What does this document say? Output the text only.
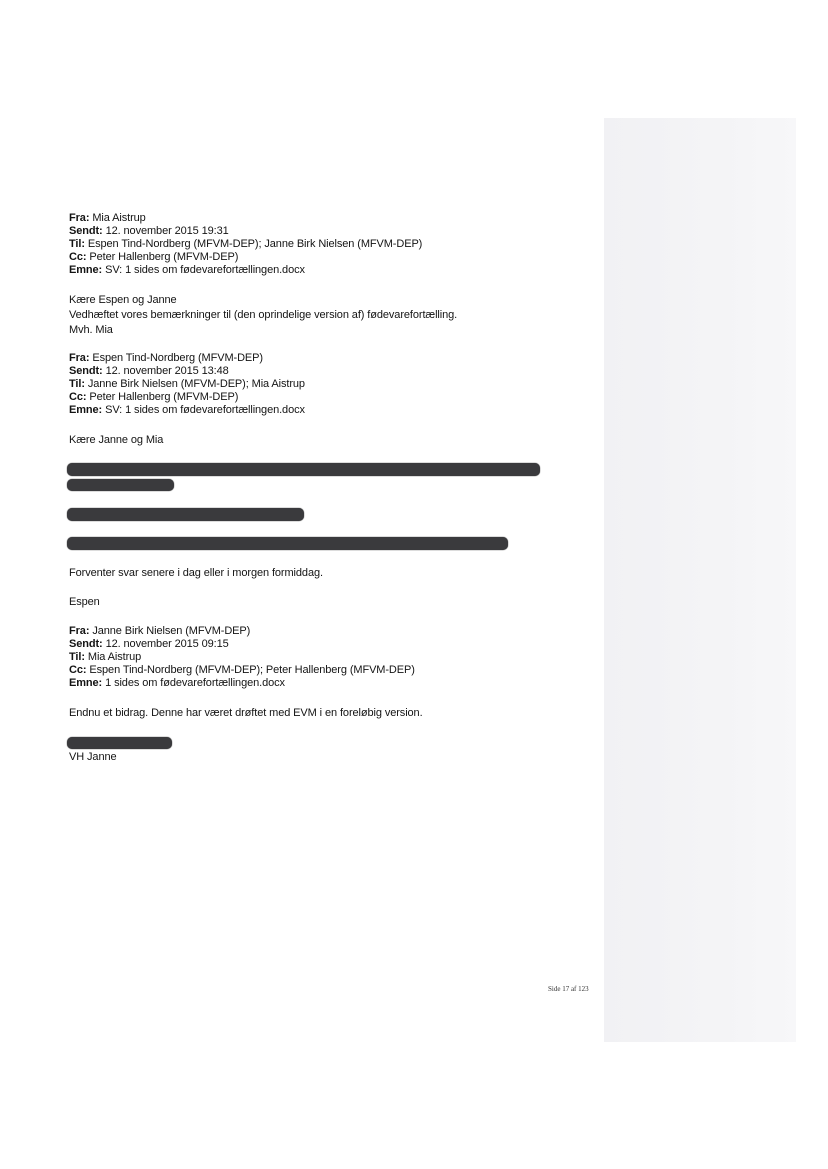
Fra: Mia Aistrup
Sendt: 12. november 2015 19:31
Til: Espen Tind-Nordberg (MFVM-DEP); Janne Birk Nielsen (MFVM-DEP)
Cc: Peter Hallenberg (MFVM-DEP)
Emne: SV: 1 sides om fødevarefortællingen.docx
Kære Espen og Janne
Vedhæftet vores bemærkninger til (den oprindelige version af) fødevarefortælling.
Mvh. Mia
Fra: Espen Tind-Nordberg (MFVM-DEP)
Sendt: 12. november 2015 13:48
Til: Janne Birk Nielsen (MFVM-DEP); Mia Aistrup
Cc: Peter Hallenberg (MFVM-DEP)
Emne: SV: 1 sides om fødevarefortællingen.docx
Kære Janne og Mia
Forventer svar senere i dag eller i morgen formiddag.
Espen
Fra: Janne Birk Nielsen (MFVM-DEP)
Sendt: 12. november 2015 09:15
Til: Mia Aistrup
Cc: Espen Tind-Nordberg (MFVM-DEP); Peter Hallenberg (MFVM-DEP)
Emne: 1 sides om fødevarefortællingen.docx
Endnu et bidrag. Denne har været drøftet med EVM i en foreløbig version.
VH Janne
Side 17 af 123
